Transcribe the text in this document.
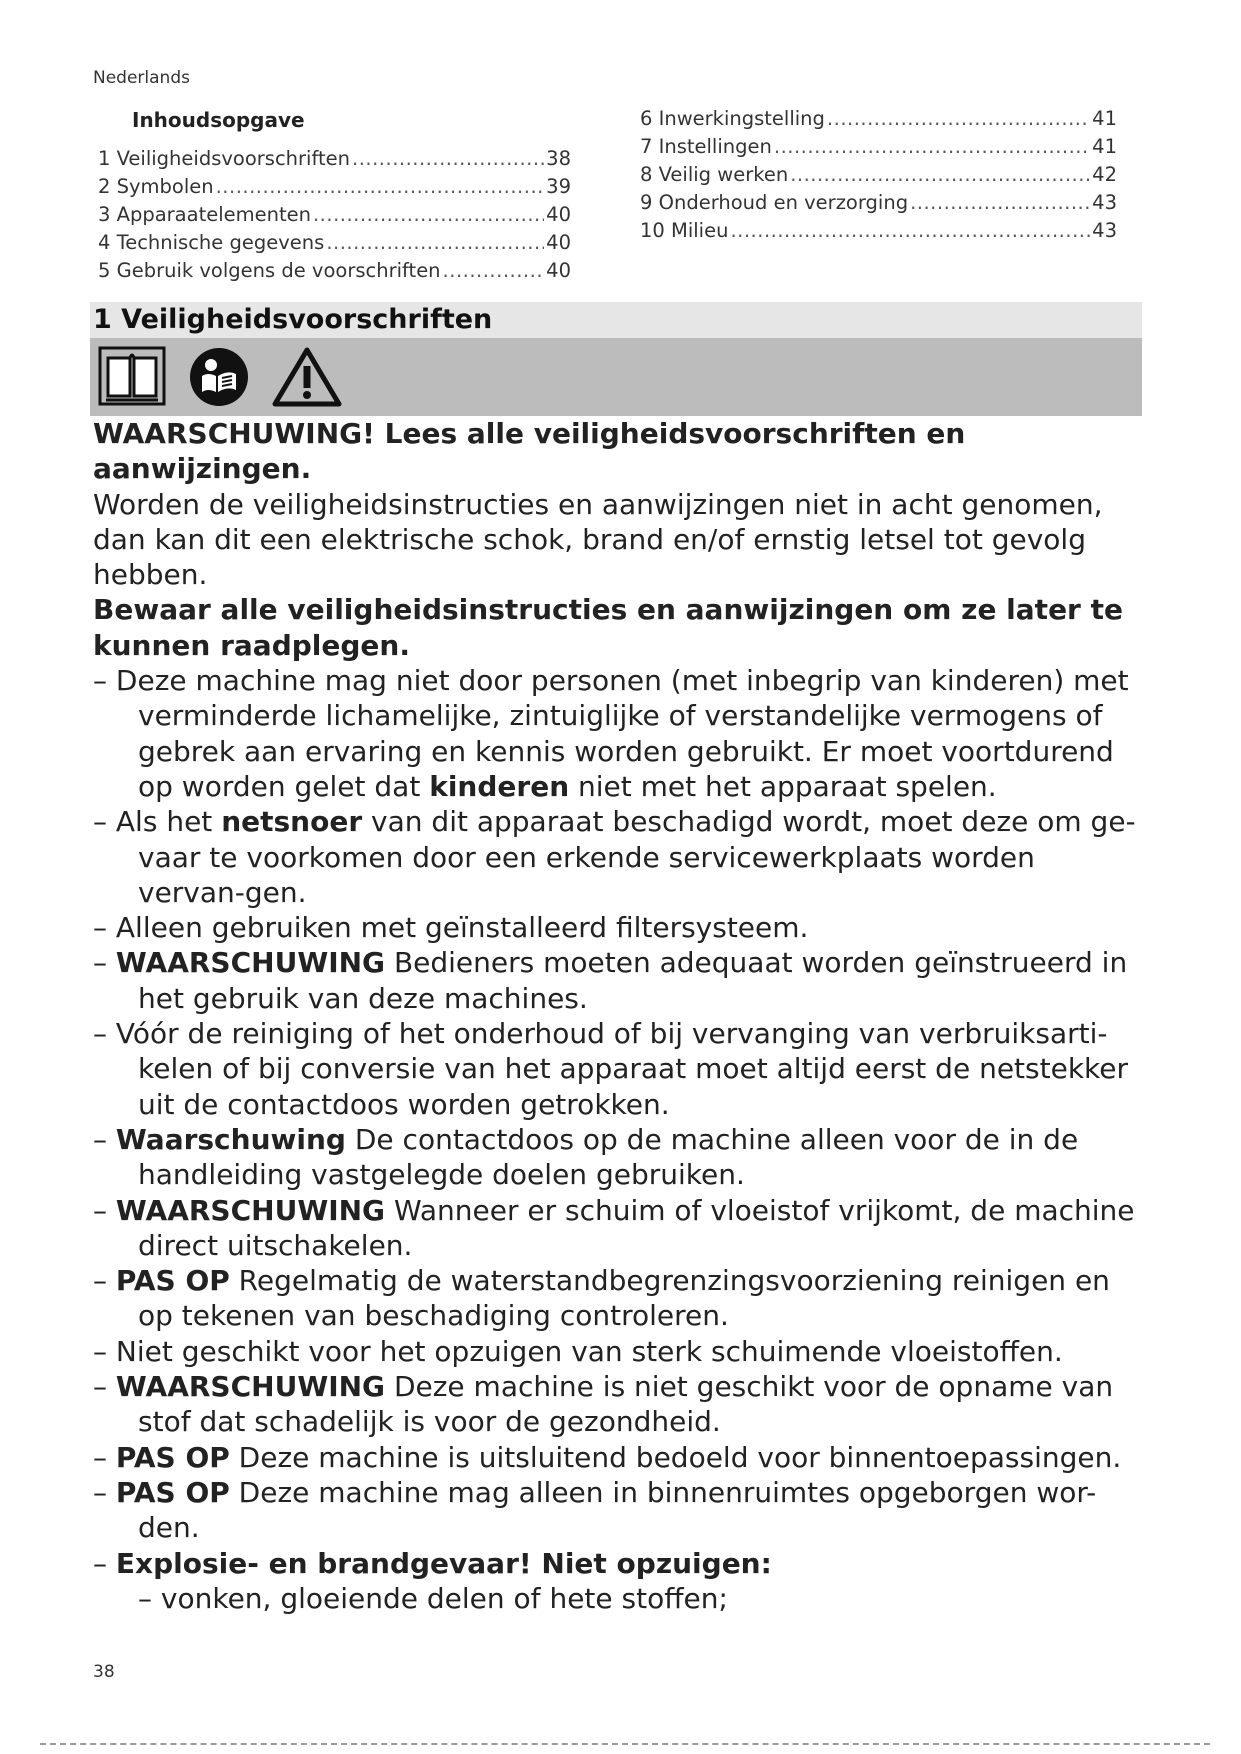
Nederlands
Inhoudsopgave
1 Veiligheidsvoorschriften .....	38
2 Symbolen .....	39
3 Apparaatelementen .....	40
4 Technische gegevens .....	40
5 Gebruik volgens de voorschriften .....	40
6 Inwerkingstelling .....	41
7 Instellingen .....	41
8 Veilig werken .....	42
9 Onderhoud en verzorging .....	43
10 Milieu .....	43
1 Veiligheidsvoorschriften

WAARSCHUWING! Lees alle veiligheidsvoorschriften en aanwijzingen.

Worden de veiligheidsinstructies en aanwijzingen niet in acht genomen, dan kan dit een elektrische schok, brand en/of ernstig letsel tot gevolg hebben.

Bewaar alle veiligheidsinstructies en aanwijzingen om ze later te kunnen raadplegen.

– Deze machine mag niet door personen (met inbegrip van kinderen) met verminderde lichamelijke, zintuiglijke of verstandelijke vermogens of gebrek aan ervaring en kennis worden gebruikt. Er moet voortdurend op worden gelet dat kinderen niet met het apparaat spelen.

– Als het netsnoer van dit apparaat beschadigd wordt, moet deze om ge-vaar te voorkomen door een erkende servicewerkplaats worden vervan-gen.

– Alleen gebruiken met geïnstalleerd filtersysteem.

– WAARSCHUWING Bedieners moeten adequaat worden geïnstrueerd in het gebruik van deze machines.

– Vóór de reiniging of het onderhoud of bij vervanging van verbruiksarti-kelen of bij conversie van het apparaat moet altijd eerst de netstekker uit de contactdoos worden getrokken.

– Waarschuwing De contactdoos op de machine alleen voor de in de handleiding vastgelegde doelen gebruiken.

– WAARSCHUWING Wanneer er schuim of vloeistof vrijkomt, de machine direct uitschakelen.

– PAS OP Regelmatig de waterstandbegrenzingsvoorziening reinigen en op tekenen van beschadiging controleren.

– Niet geschikt voor het opzuigen van sterk schuimende vloeistoffen.

– WAARSCHUWING Deze machine is niet geschikt voor de opname van stof dat schadelijk is voor de gezondheid.

– PAS OP Deze machine is uitsluitend bedoeld voor binnentoepassingen.

– PAS OP Deze machine mag alleen in binnenruimtes opgeborgen wor-den.

– Explosie- en brandgevaar! Niet opzuigen:

– vonken, gloeiende delen of hete stoffen;

38
